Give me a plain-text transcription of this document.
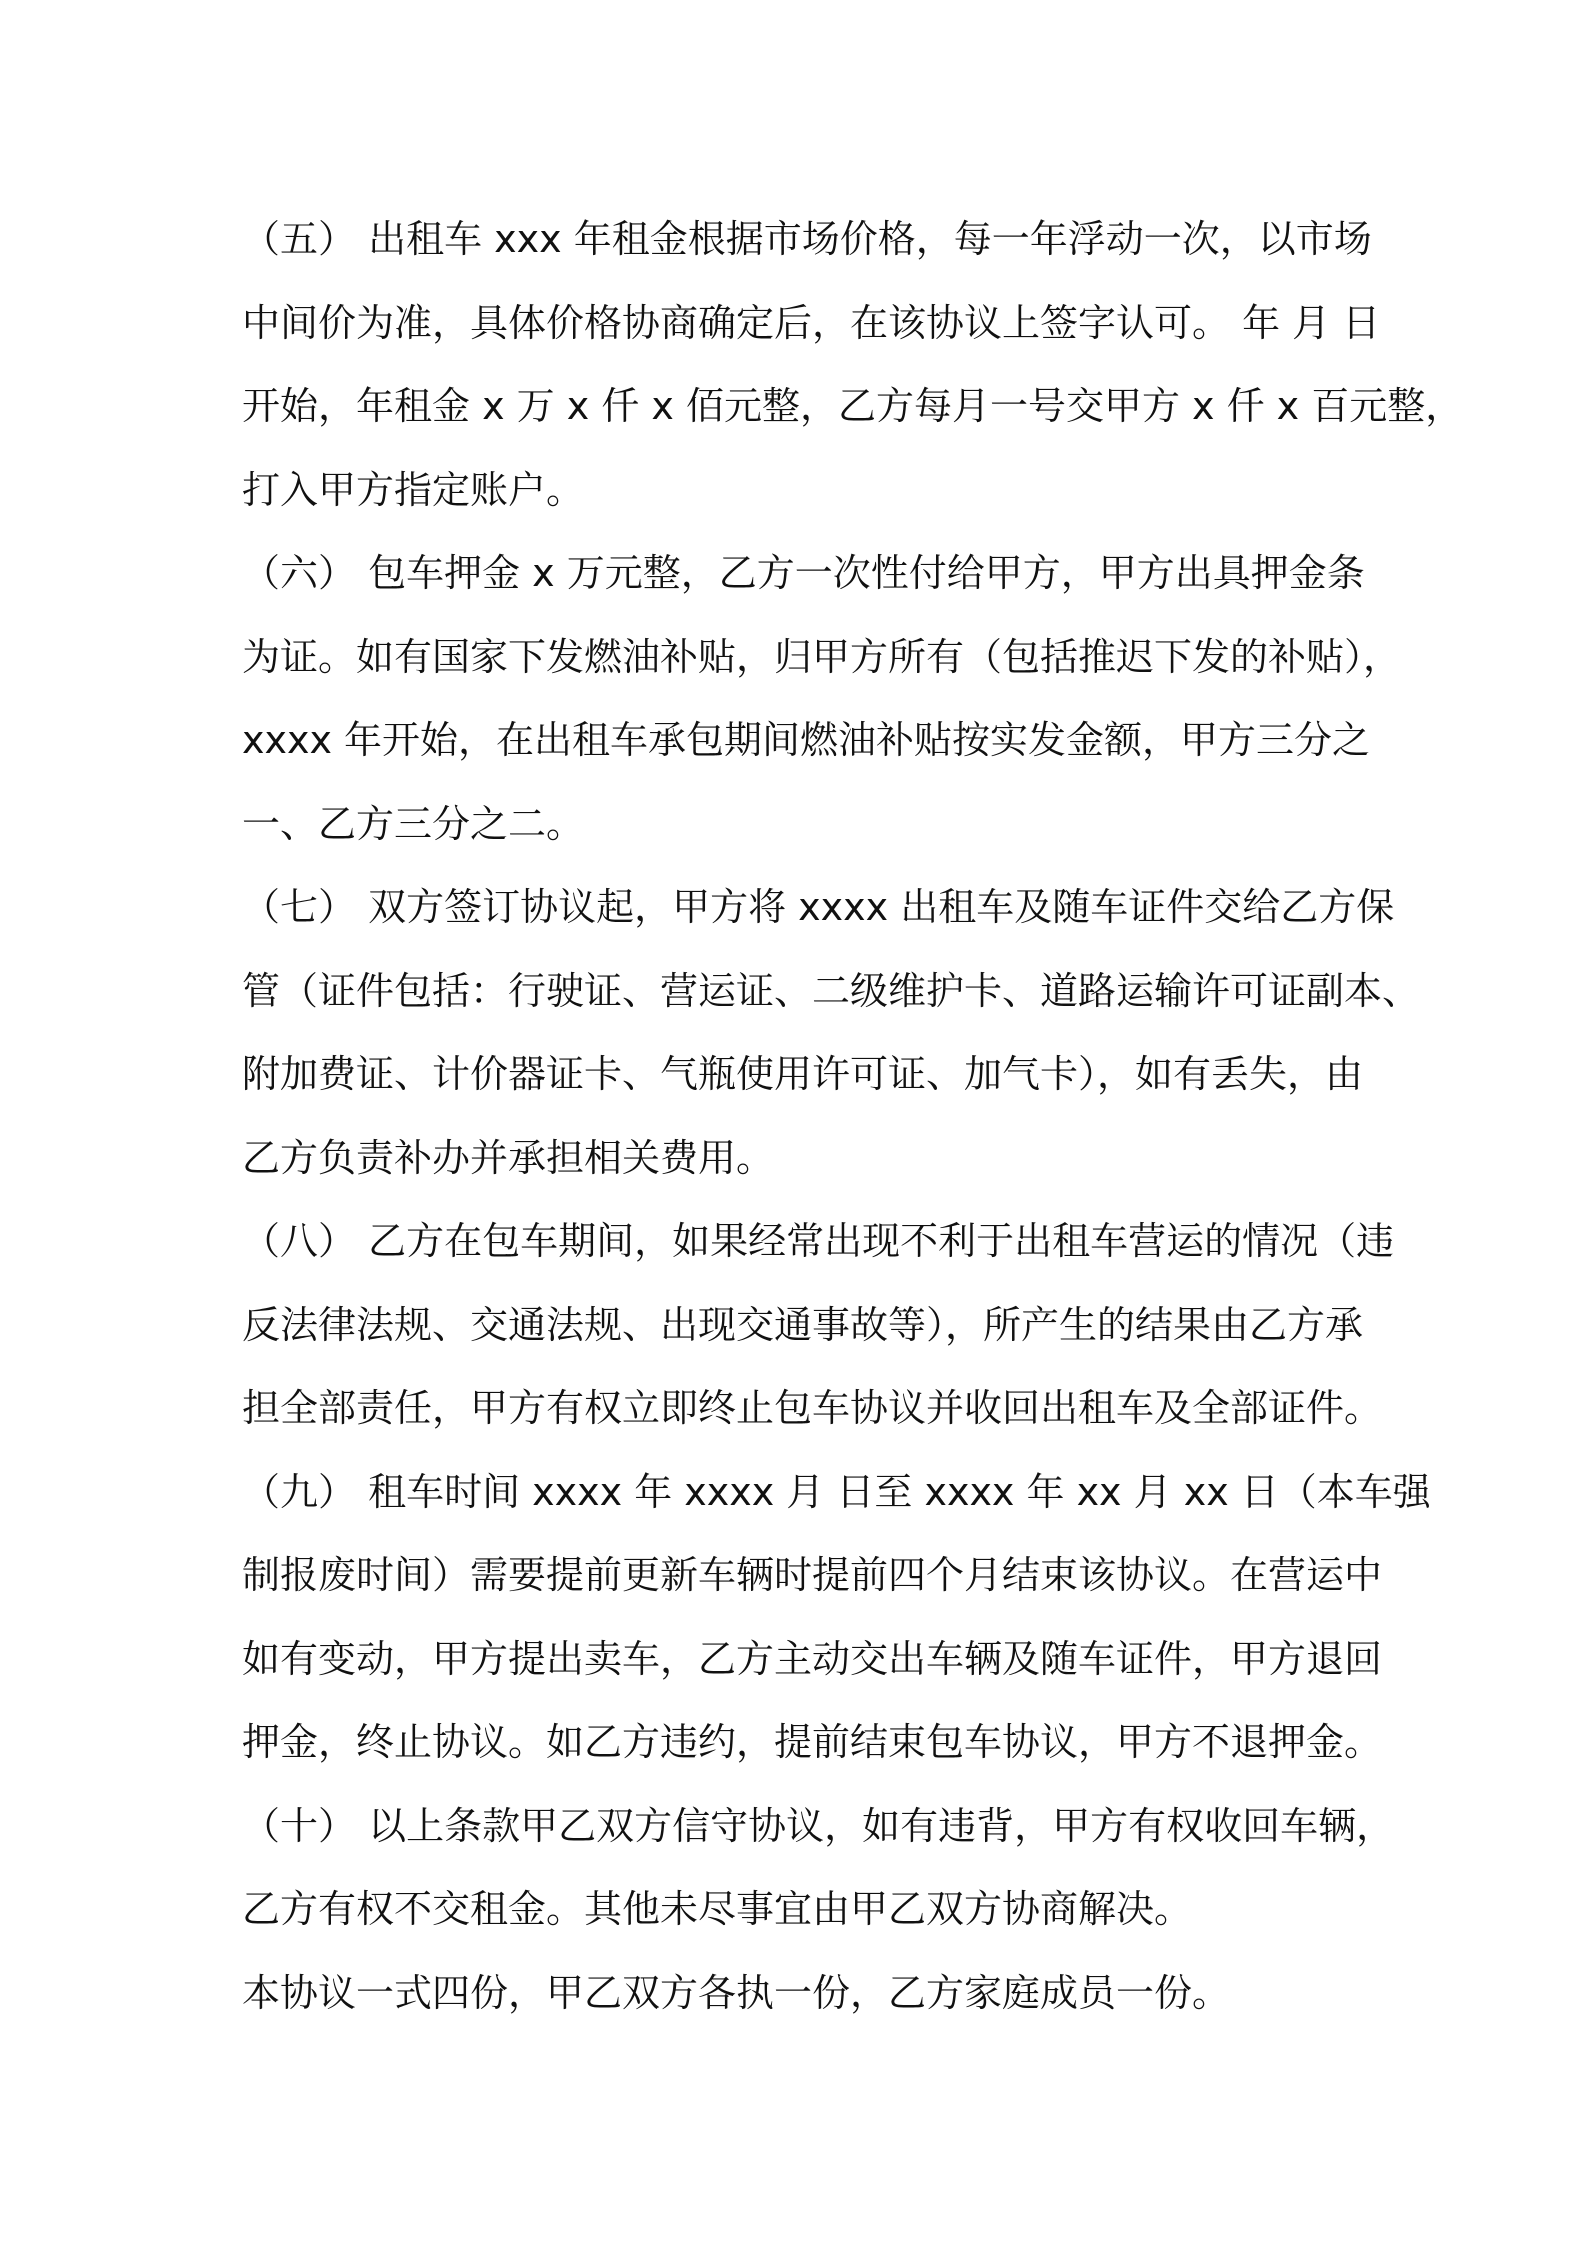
（五） 出租车 xxx 年租金根据市场价格，每一年浮动一次，以市场
中间价为准，具体价格协商确定后，在该协议上签字认可。 年 月 日
开始，年租金 x 万 x 仟 x 佰元整，乙方每月一号交甲方 x 仟 x 百元整，
打入甲方指定账户。
（六） 包车押金 x 万元整，乙方一次性付给甲方，甲方出具押金条
为证。如有国家下发燃油补贴，归甲方所有（包括推迟下发的补贴），
xxxx 年开始，在出租车承包期间燃油补贴按实发金额，甲方三分之
一、乙方三分之二。
（七） 双方签订协议起，甲方将 xxxx 出租车及随车证件交给乙方保
管（证件包括：行驶证、营运证、二级维护卡、道路运输许可证副本、
附加费证、计价器证卡、气瓶使用许可证、加气卡），如有丢失，由
乙方负责补办并承担相关费用。
（八） 乙方在包车期间，如果经常出现不利于出租车营运的情况（违
反法律法规、交通法规、出现交通事故等），所产生的结果由乙方承
担全部责任，甲方有权立即终止包车协议并收回出租车及全部证件。
（九） 租车时间 xxxx 年 xxxx 月 日至 xxxx 年 xx 月 xx 日（本车强
制报废时间）需要提前更新车辆时提前四个月结束该协议。在营运中
如有变动，甲方提出卖车，乙方主动交出车辆及随车证件，甲方退回
押金，终止协议。如乙方违约，提前结束包车协议，甲方不退押金。
（十） 以上条款甲乙双方信守协议，如有违背，甲方有权收回车辆，
乙方有权不交租金。其他未尽事宜由甲乙双方协商解决。
本协议一式四份，甲乙双方各执一份，乙方家庭成员一份。
